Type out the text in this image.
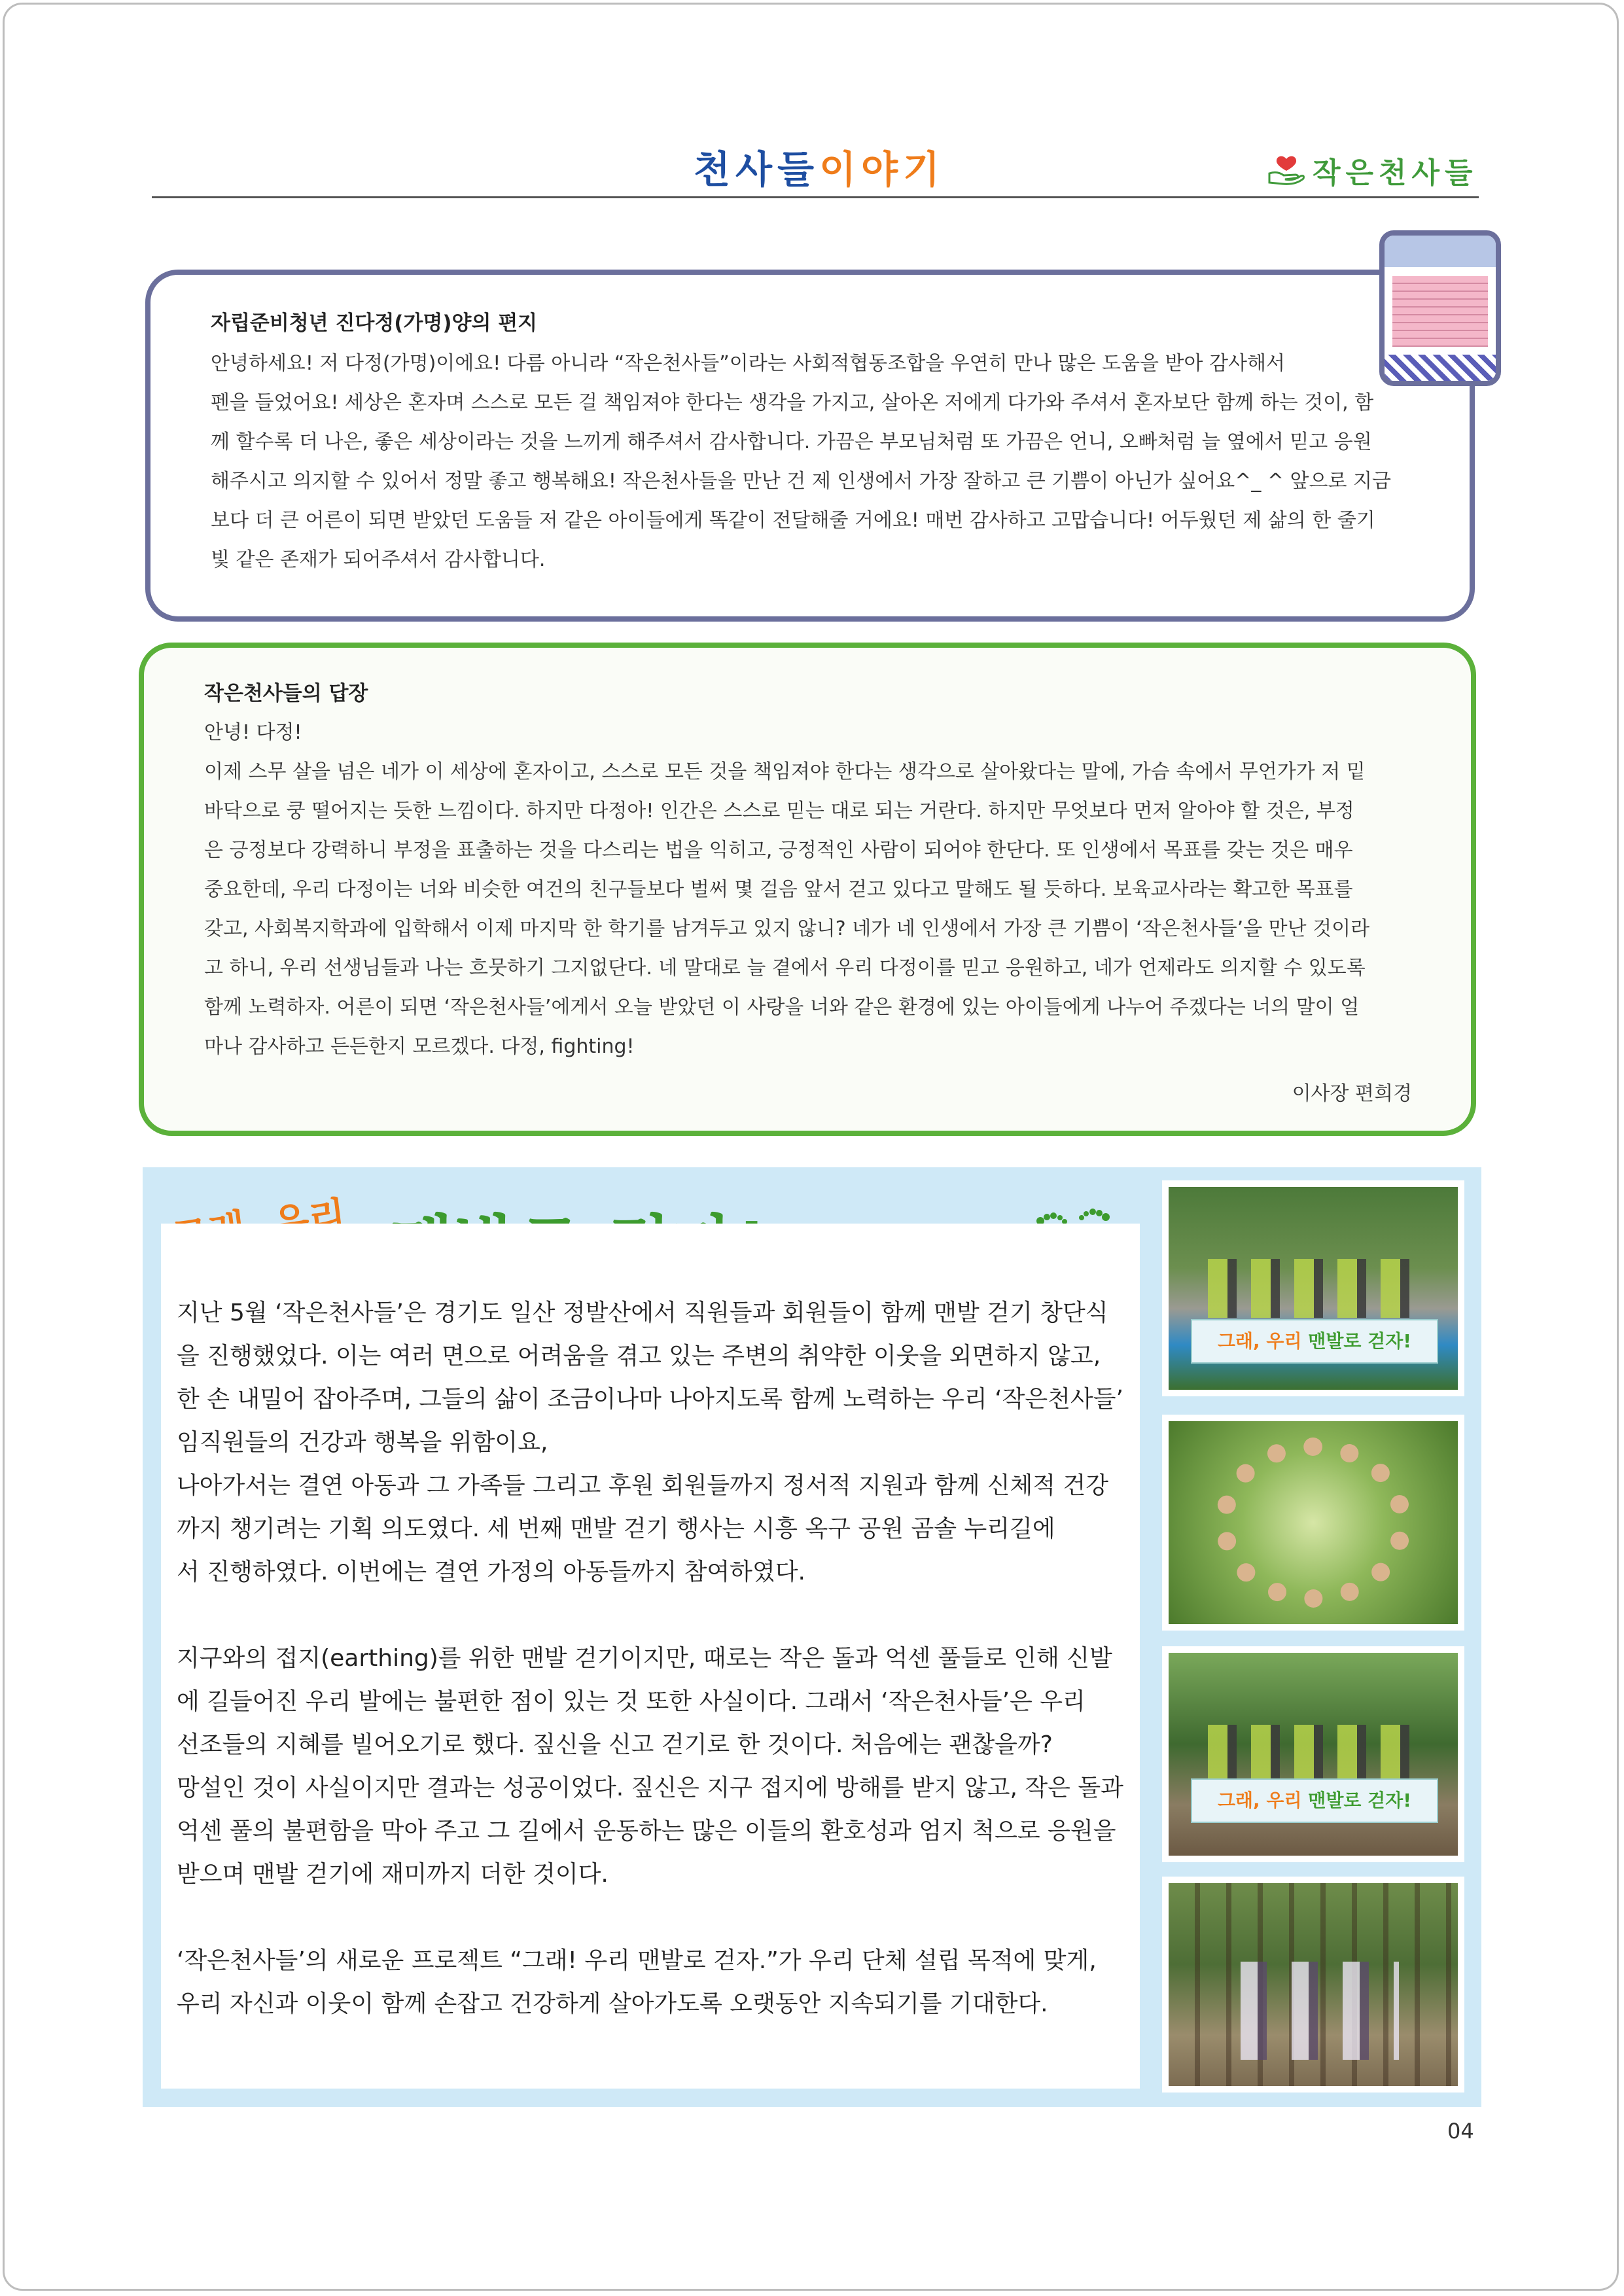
천사들이야기	작은천사들
자립준비청년 진다정(가명)양의 편지

안녕하세요! 저 다정(가명)이에요! 다름 아니라 “작은천사들”이라는 사회적협동조합을 우연히 만나 많은 도움을 받아 감사해서

펜을 들었어요! 세상은 혼자며 스스로 모든 걸 책임져야 한다는 생각을 가지고, 살아온 저에게 다가와 주셔서 혼자보단 함께 하는 것이, 함

께 할수록 더 나은, 좋은 세상이라는 것을 느끼게 해주셔서 감사합니다. 가끔은 부모님처럼 또 가끔은 언니, 오빠처럼 늘 옆에서 믿고 응원

해주시고 의지할 수 있어서 정말 좋고 행복해요! 작은천사들을 만난 건 제 인생에서 가장 잘하고 큰 기쁨이 아닌가 싶어요^_ ^ 앞으로 지금

보다 더 큰 어른이 되면 받았던 도움들 저 같은 아이들에게 똑같이 전달해줄 거에요! 매번 감사하고 고맙습니다! 어두웠던 제 삶의 한 줄기

빛 같은 존재가 되어주셔서 감사합니다.

작은천사들의 답장

안녕! 다정!

이제 스무 살을 넘은 네가 이 세상에 혼자이고, 스스로 모든 것을 책임져야 한다는 생각으로 살아왔다는 말에, 가슴 속에서 무언가가 저 밑

바닥으로 쿵 떨어지는 듯한 느낌이다. 하지만 다정아! 인간은 스스로 믿는 대로 되는 거란다. 하지만 무엇보다 먼저 알아야 할 것은, 부정

은 긍정보다 강력하니 부정을 표출하는 것을 다스리는 법을 익히고, 긍정적인 사람이 되어야 한단다. 또 인생에서 목표를 갖는 것은 매우

중요한데, 우리 다정이는 너와 비슷한 여건의 친구들보다 벌써 몇 걸음 앞서 걷고 있다고 말해도 될 듯하다. 보육교사라는 확고한 목표를

갖고, 사회복지학과에 입학해서 이제 마지막 한 학기를 남겨두고 있지 않니? 네가 네 인생에서 가장 큰 기쁨이 ‘작은천사들’을 만난 것이라

고 하니, 우리 선생님들과 나는 흐뭇하기 그지없단다. 네 말대로 늘 곁에서 우리 다정이를 믿고 응원하고, 네가 언제라도 의지할 수 있도록

함께 노력하자. 어른이 되면 ‘작은천사들’에게서 오늘 받았던 이 사랑을 너와 같은 환경에 있는 아이들에게 나누어 주겠다는 너의 말이 얼

마나 감사하고 든든한지 모르겠다. 다정, fighting!

이사장 편희경

지난 5월 ‘작은천사들’은 경기도 일산 정발산에서 직원들과 회원들이 함께 맨발 걷기 창단식

을 진행했었다. 이는 여러 면으로 어려움을 겪고 있는 주변의 취약한 이웃을 외면하지 않고,

한 손 내밀어 잡아주며, 그들의 삶이 조금이나마 나아지도록 함께 노력하는 우리 ‘작은천사들’

임직원들의 건강과 행복을 위함이요,

나아가서는 결연 아동과 그 가족들 그리고 후원 회원들까지 정서적 지원과 함께 신체적 건강

까지 챙기려는 기획 의도였다. 세 번째 맨발 걷기 행사는 시흥 옥구 공원 곰솔 누리길에

서 진행하였다. 이번에는 결연 가정의 아동들까지 참여하였다.

지구와의 접지(earthing)를 위한 맨발 걷기이지만, 때로는 작은 돌과 억센 풀들로 인해 신발

에 길들어진 우리 발에는 불편한 점이 있는 것 또한 사실이다. 그래서 ‘작은천사들’은 우리

선조들의 지혜를 빌어오기로 했다. 짚신을 신고 걷기로 한 것이다. 처음에는 괜찮을까?

망설인 것이 사실이지만 결과는 성공이었다. 짚신은 지구 접지에 방해를 받지 않고, 작은 돌과

억센 풀의 불편함을 막아 주고 그 길에서 운동하는 많은 이들의 환호성과 엄지 척으로 응원을

받으며 맨발 걷기에 재미까지 더한 것이다.

‘작은천사들’의 새로운 프로젝트 “그래! 우리 맨발로 걷자.”가 우리 단체 설립 목적에 맞게,

우리 자신과 이웃이 함께 손잡고 건강하게 살아가도록 오랫동안 지속되기를 기대한다.

그래, 우리 맨발로 걷자!
그래, 우리 맨발로 걷자!
04
